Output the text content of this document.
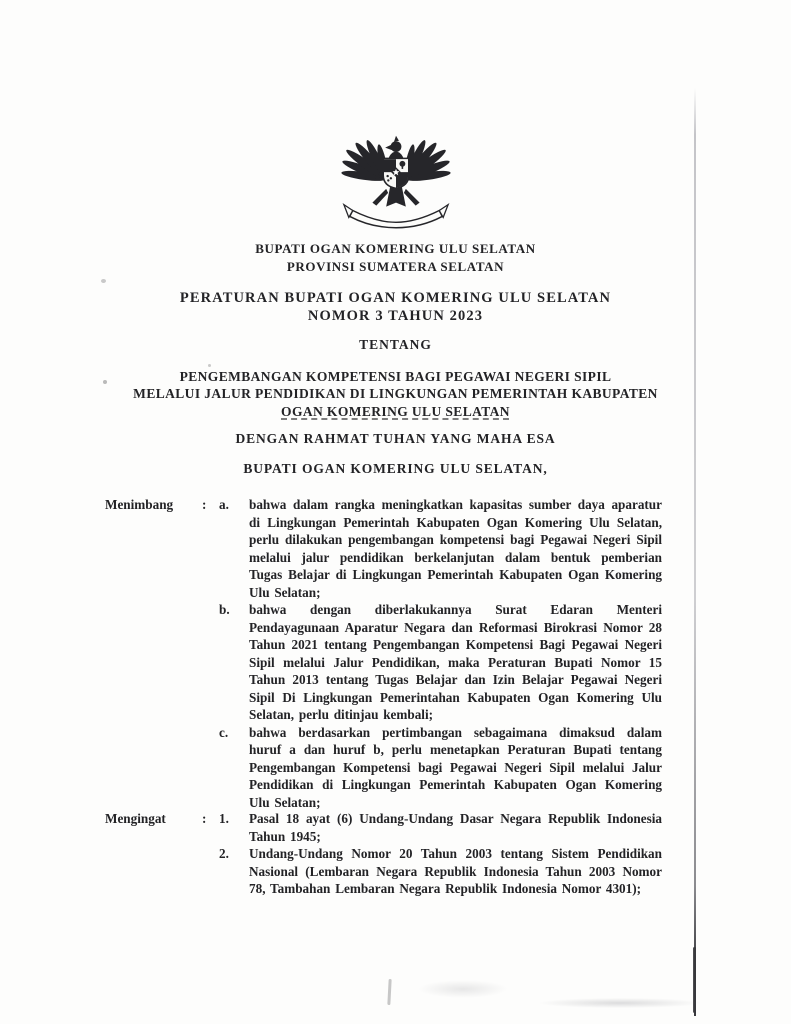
BUPATI OGAN KOMERING ULU SELATAN
PROVINSI SUMATERA SELATAN
PERATURAN BUPATI OGAN KOMERING ULU SELATAN
NOMOR 3 TAHUN 2023
TENTANG
PENGEMBANGAN KOMPETENSI BAGI PEGAWAI NEGERI SIPIL
MELALUI JALUR PENDIDIKAN DI LINGKUNGAN PEMERINTAH KABUPATEN
OGAN KOMERING ULU SELATAN
DENGAN RAHMAT TUHAN YANG MAHA ESA
BUPATI OGAN KOMERING ULU SELATAN,
Menimbang	: a.	bahwa dalam rangka meningkatkan kapasitas sumber daya aparatur di Lingkungan Pemerintah Kabupaten Ogan Komering Ulu Selatan, perlu dilakukan pengembangan kompetensi bagi Pegawai Negeri Sipil melalui jalur pendidikan berkelanjutan dalam bentuk pemberian Tugas Belajar di Lingkungan Pemerintah Kabupaten Ogan Komering Ulu Selatan;
b.	bahwa dengan diberlakukannya Surat Edaran Menteri Pendayagunaan Aparatur Negara dan Reformasi Birokrasi Nomor 28 Tahun 2021 tentang Pengembangan Kompetensi Bagi Pegawai Negeri Sipil melalui Jalur Pendidikan, maka Peraturan Bupati Nomor 15 Tahun 2013 tentang Tugas Belajar dan Izin Belajar Pegawai Negeri Sipil Di Lingkungan Pemerintahan Kabupaten Ogan Komering Ulu Selatan, perlu ditinjau kembali;
c.	bahwa berdasarkan pertimbangan sebagaimana dimaksud dalam huruf a dan huruf b, perlu menetapkan Peraturan Bupati tentang Pengembangan Kompetensi bagi Pegawai Negeri Sipil melalui Jalur Pendidikan di Lingkungan Pemerintah Kabupaten Ogan Komering Ulu Selatan;
Mengingat	: 1.	Pasal 18 ayat (6) Undang-Undang Dasar Negara Republik Indonesia Tahun 1945;
2.	Undang-Undang Nomor 20 Tahun 2003 tentang Sistem Pendidikan Nasional (Lembaran Negara Republik Indonesia Tahun 2003 Nomor 78, Tambahan Lembaran Negara Republik Indonesia Nomor 4301);
